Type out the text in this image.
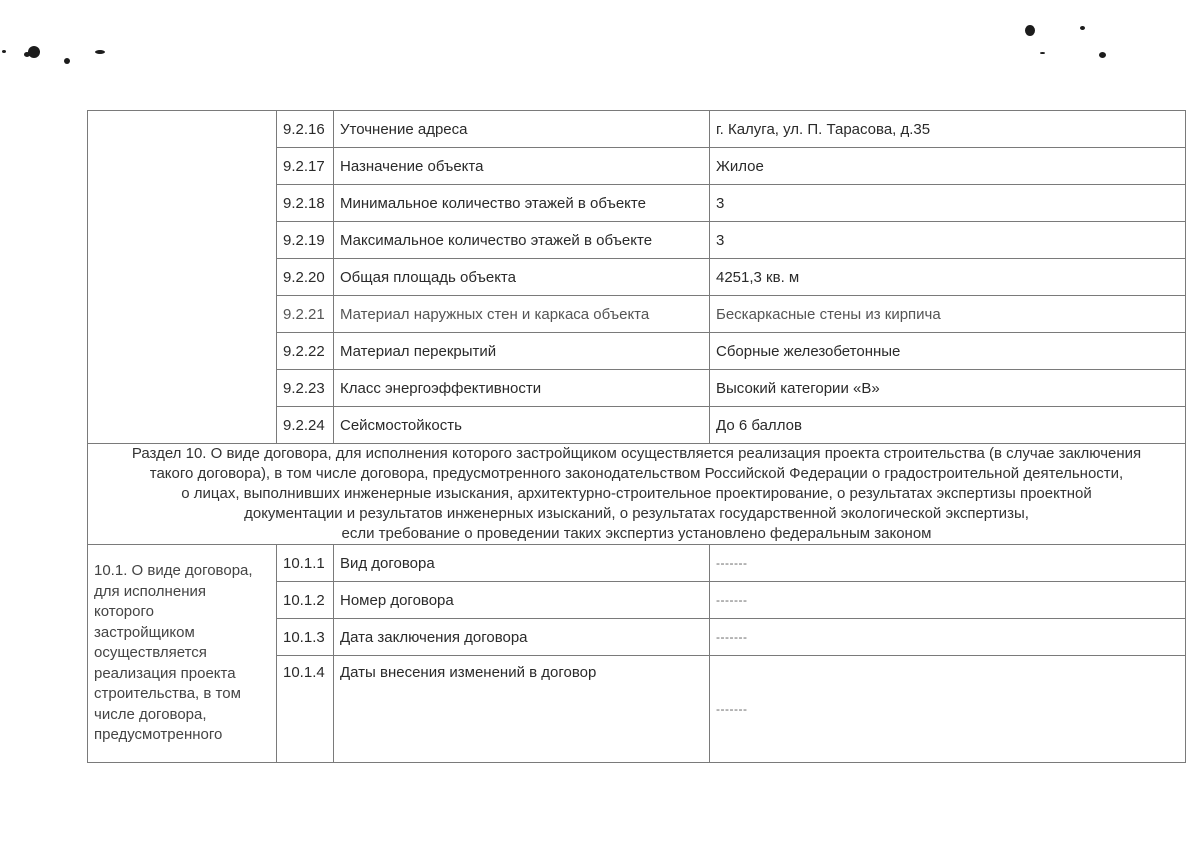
	9.2.16	Уточнение адреса	г. Калуга, ул. П. Тарасова, д.35
	9.2.17	Назначение объекта	Жилое
	9.2.18	Минимальное количество этажей в объекте	3
	9.2.19	Максимальное количество этажей в объекте	3
	9.2.20	Общая площадь объекта	4251,3 кв. м
	9.2.21	Материал наружных стен и каркаса объекта	Бескаркасные стены из кирпича
	9.2.22	Материал перекрытий	Сборные железобетонные
	9.2.23	Класс энергоэффективности	Высокий категории «В»
	9.2.24	Сейсмостойкость	До 6 баллов

Раздел 10. О виде договора, для исполнения которого застройщиком осуществляется реализация проекта строительства (в случае заключения
такого договора), в том числе договора, предусмотренного законодательством Российской Федерации о градостроительной деятельности,
о лицах, выполнивших инженерные изыскания, архитектурно-строительное проектирование, о результатах экспертизы проектной
документации и результатов инженерных изысканий, о результатах государственной экологической экспертизы,
если требование о проведении таких экспертиз установлено федеральным законом			

10.1. О виде договора,
для исполнения
которого
застройщиком
осуществляется
реализация проекта
строительства, в том
числе договора,
предусмотренного
	10.1.1	Вид договора	-------
	10.1.2	Номер договора	-------
	10.1.3	Дата заключения договора	-------
	10.1.4	Даты внесения изменений в договор	-------
